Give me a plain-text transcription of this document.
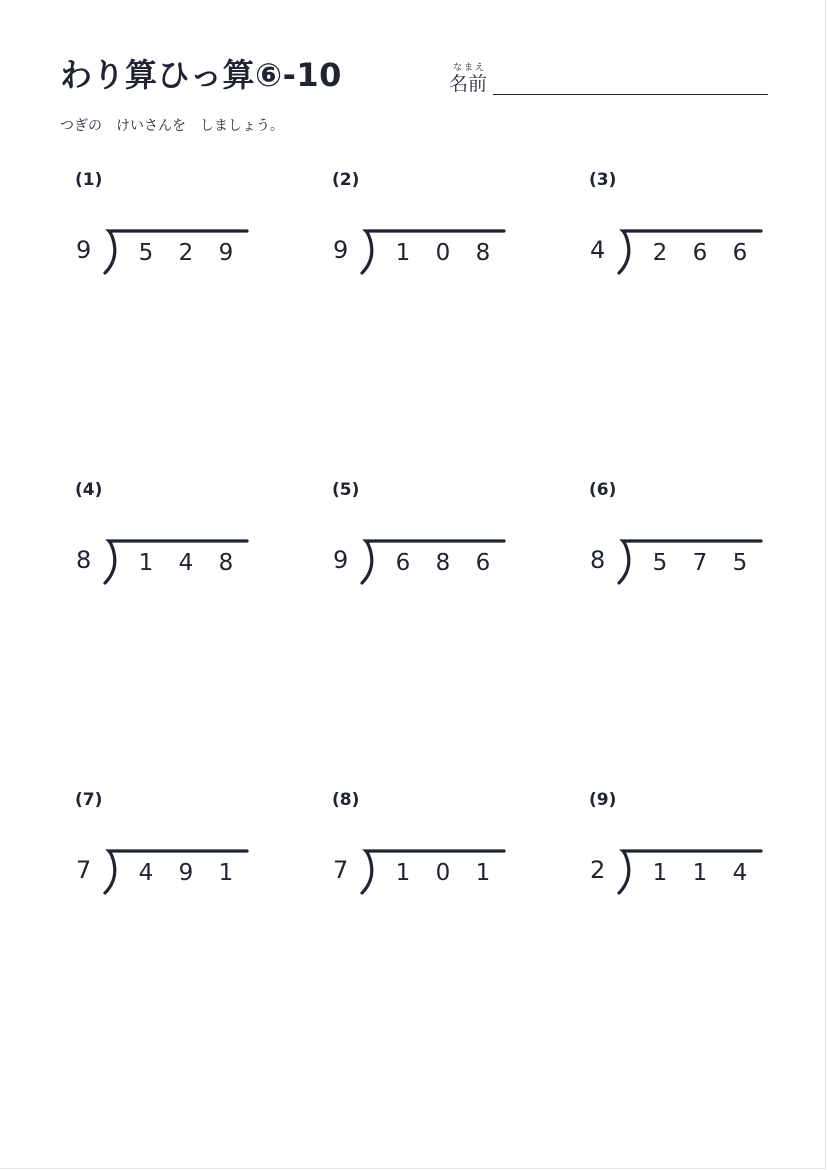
わり算ひっ算⑥-10	なまえ
名前
つぎの　けいさんを　しましょう。
(1)
9	5	2	9
(2)
9	1	0	8
(3)
4	2	6	6
(4)
8	1	4	8
(5)
9	6	8	6
(6)
8	5	7	5
(7)
7	4	9	1
(8)
7	1	0	1
(9)
2	1	1	4
